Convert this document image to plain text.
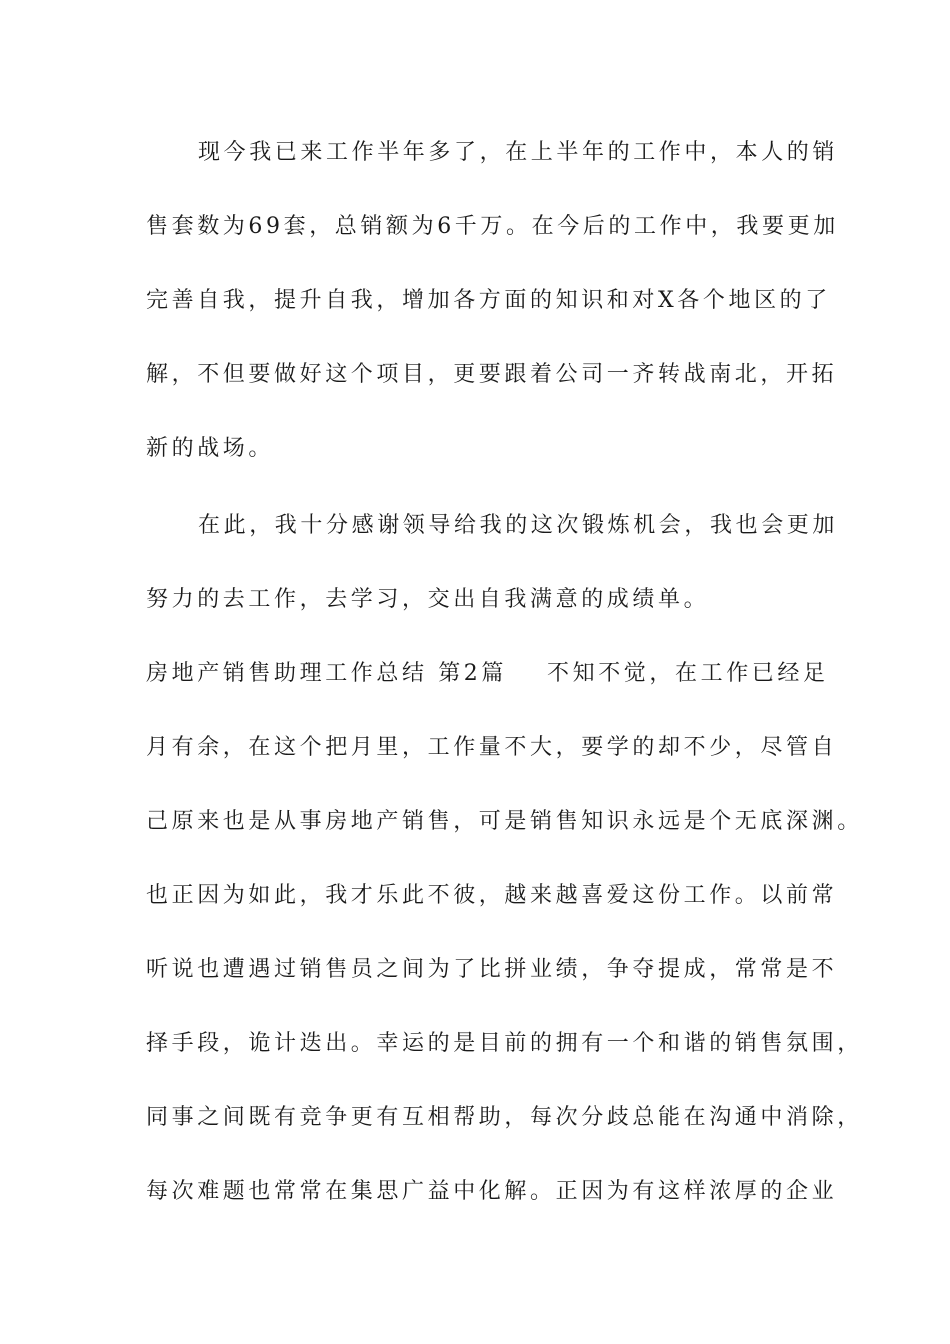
现今我已来工作半年多了，在上半年的工作中，本人的销

售套数为69套，总销额为6千万。在今后的工作中，我要更加

完善自我，提升自我，增加各方面的知识和对X各个地区的了

解，不但要做好这个项目，更要跟着公司一齐转战南北，开拓

新的战场。

在此，我十分感谢领导给我的这次锻炼机会，我也会更加

努力的去工作，去学习，交出自我满意的成绩单。

房地产销售助理工作总结 第2篇 不知不觉，在工作已经足

月有余，在这个把月里，工作量不大，要学的却不少，尽管自

己原来也是从事房地产销售，可是销售知识永远是个无底深渊。

也正因为如此，我才乐此不彼，越来越喜爱这份工作。以前常

听说也遭遇过销售员之间为了比拼业绩，争夺提成，常常是不

择手段，诡计迭出。幸运的是目前的拥有一个和谐的销售氛围，

同事之间既有竞争更有互相帮助，每次分歧总能在沟通中消除，

每次难题也常常在集思广益中化解。正因为有这样浓厚的企业
